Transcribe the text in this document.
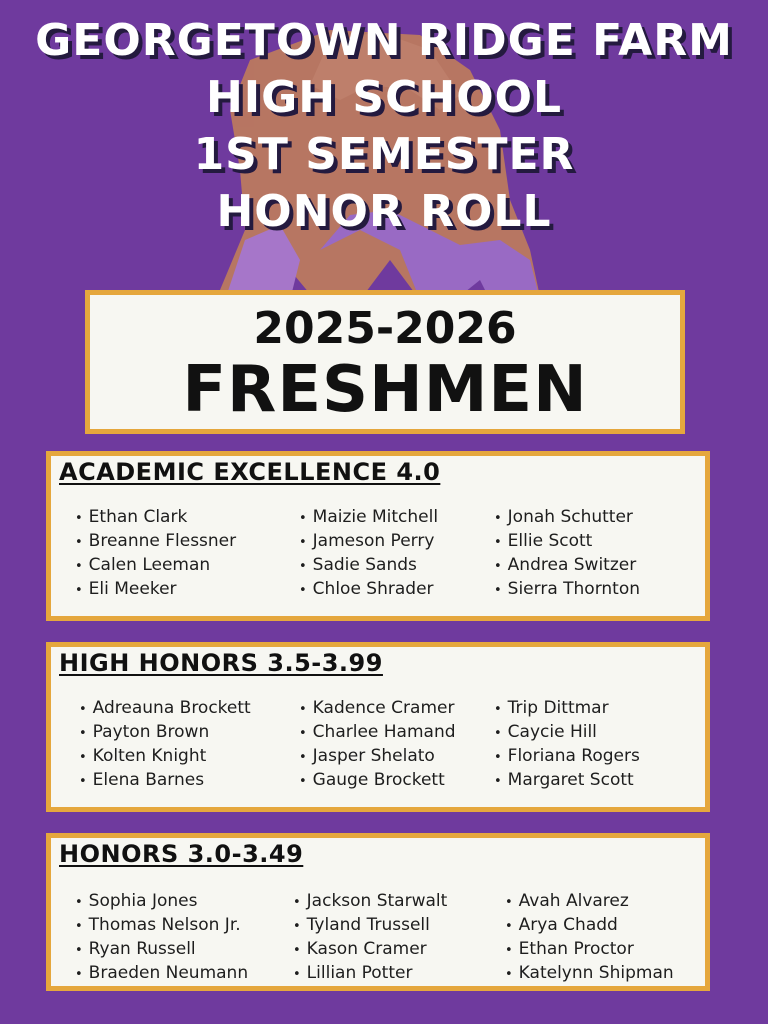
GEORGETOWN RIDGE FARM
HIGH SCHOOL
1ST SEMESTER
HONOR ROLL
2025-2026
FRESHMEN
ACADEMIC EXCELLENCE 4.0
• Ethan Clark
• Breanne Flessner
• Calen Leeman
• Eli Meeker
• Maizie Mitchell
• Jameson Perry
• Sadie Sands
• Chloe Shrader
• Jonah Schutter
• Ellie Scott
• Andrea Switzer
• Sierra Thornton
HIGH HONORS 3.5-3.99
• Adreauna Brockett
• Payton Brown
• Kolten Knight
• Elena Barnes
• Kadence Cramer
• Charlee Hamand
• Jasper Shelato
• Gauge Brockett
• Trip Dittmar
• Caycie Hill
• Floriana Rogers
• Margaret Scott
HONORS 3.0-3.49
• Sophia Jones
• Thomas Nelson Jr.
• Ryan Russell
• Braeden Neumann
• Jackson Starwalt
• Tyland Trussell
• Kason Cramer
• Lillian Potter
• Avah Alvarez
• Arya Chadd
• Ethan Proctor
• Katelynn Shipman
